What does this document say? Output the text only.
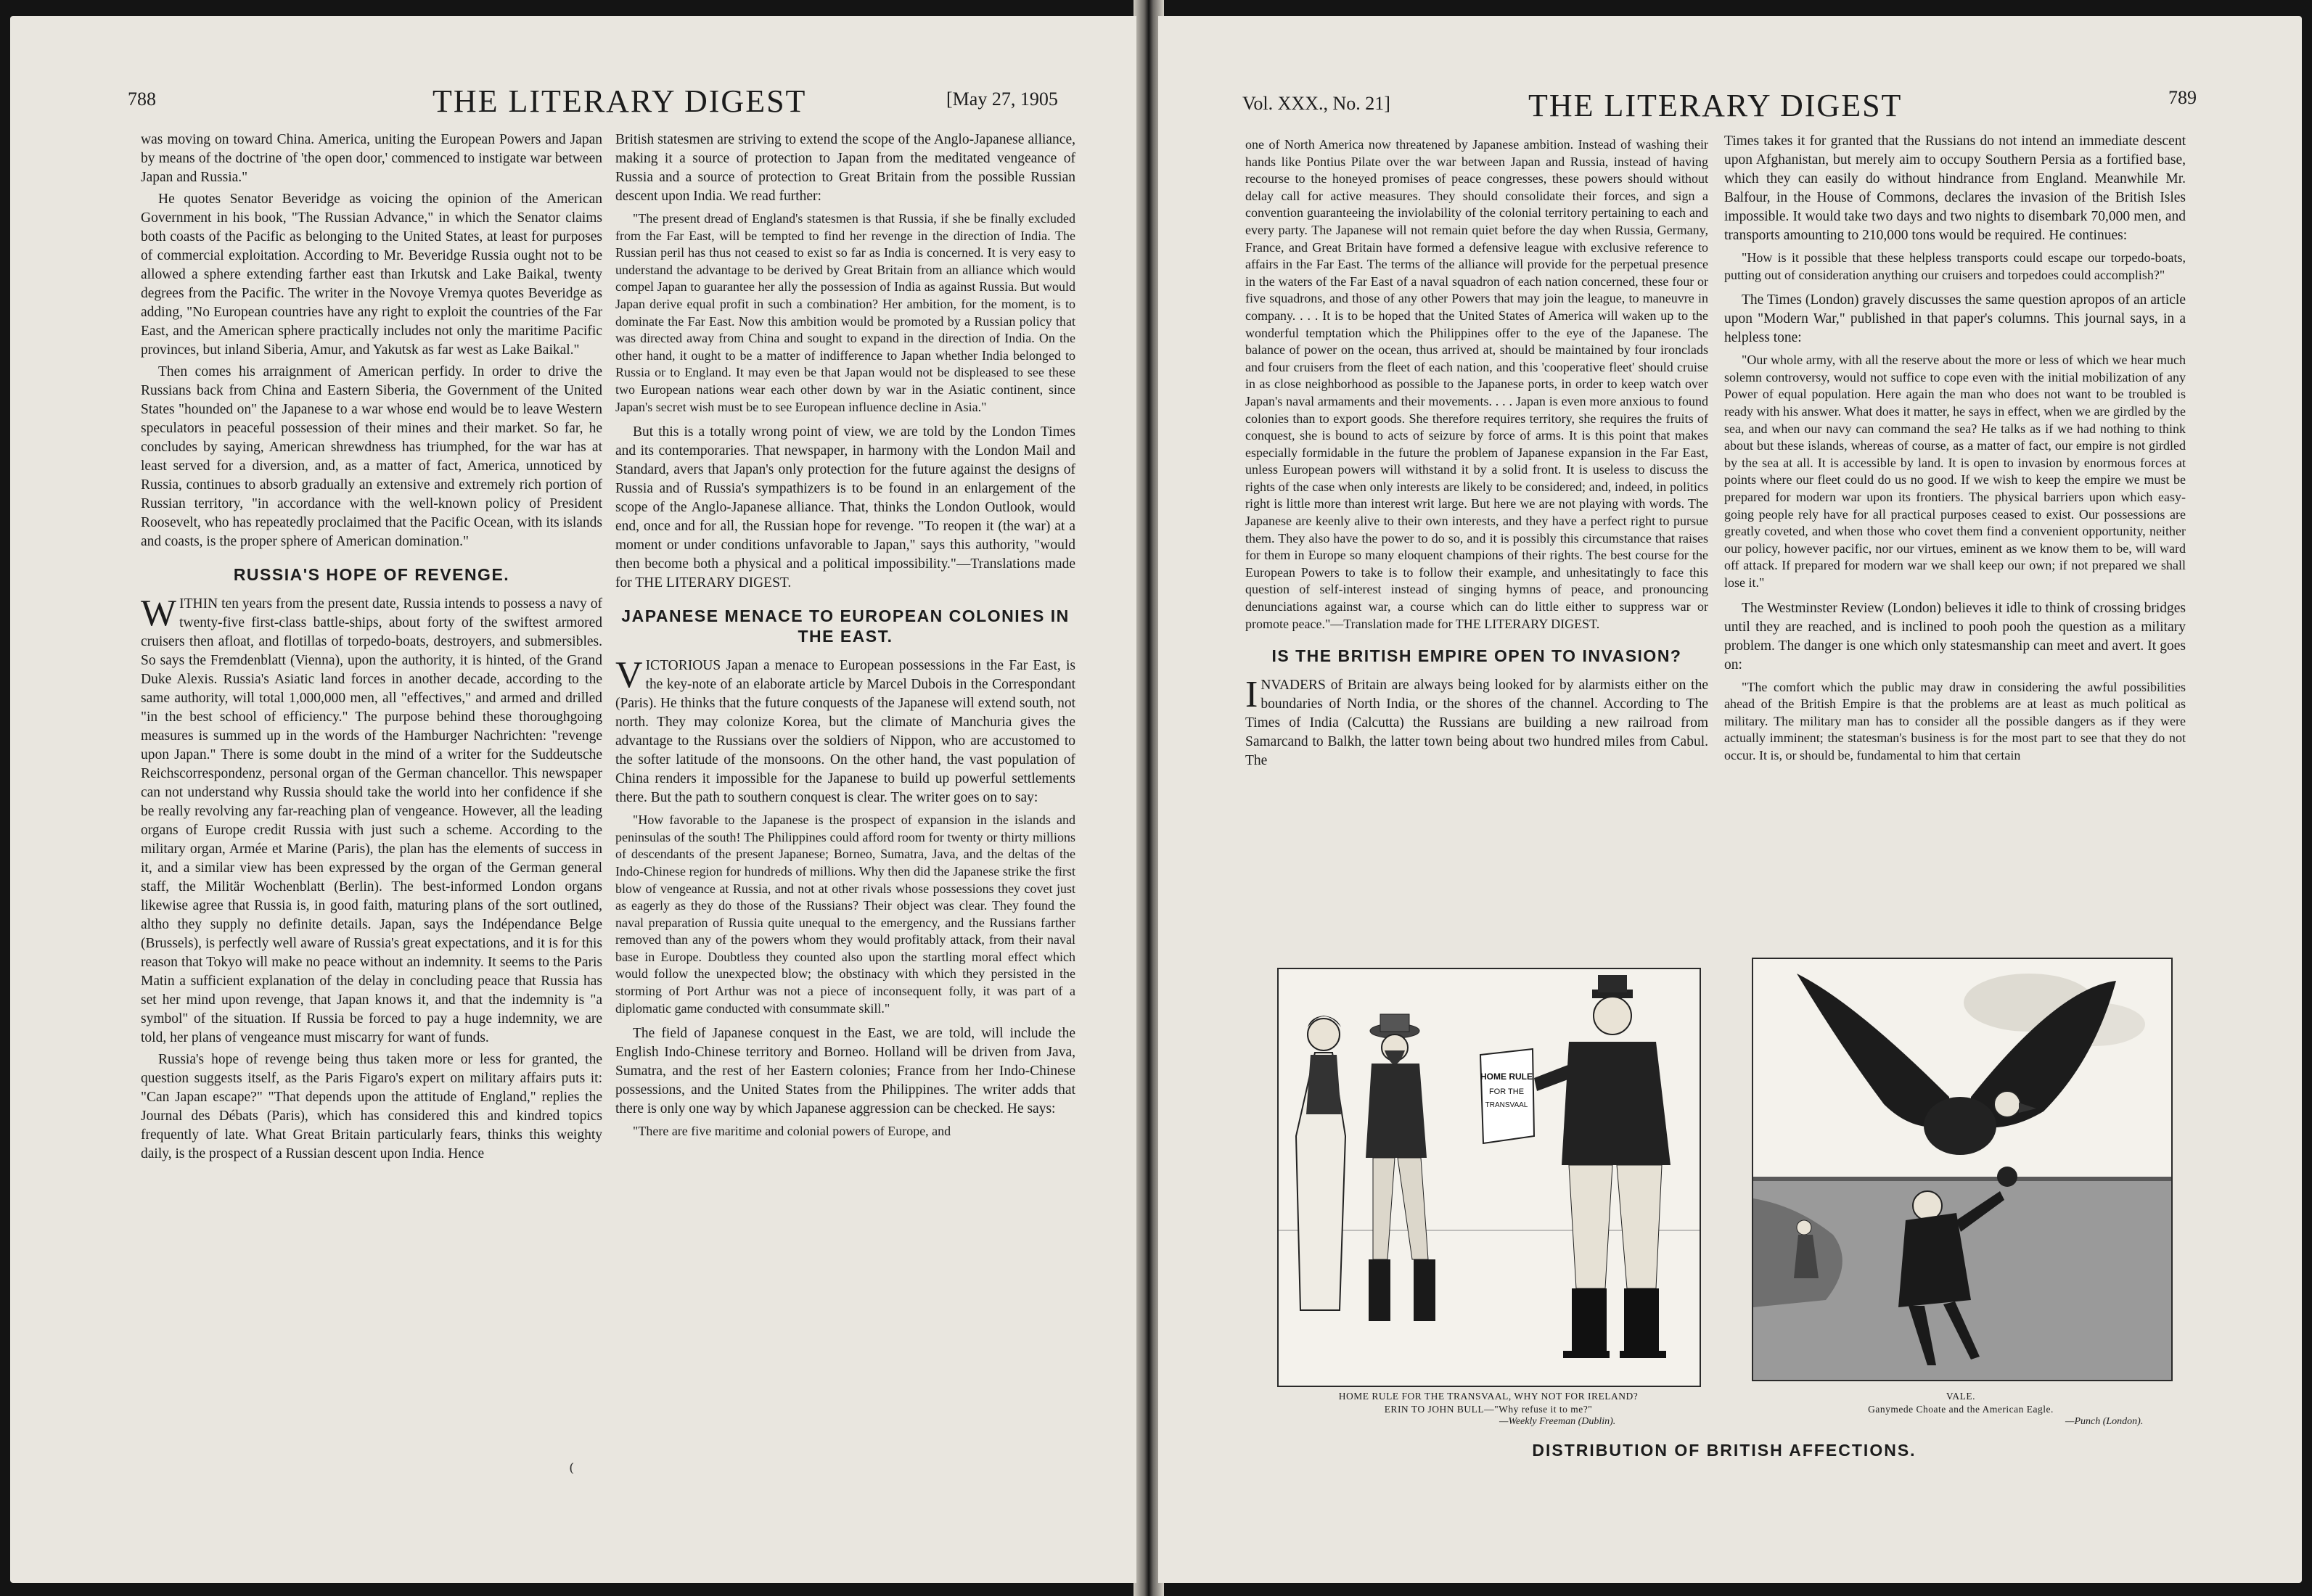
788	THE LITERARY DIGEST	[May 27, 1905

was moving on toward China. America, uniting the European Powers and Japan by means of the doctrine of 'the open door,' commenced to instigate war between Japan and Russia."

He quotes Senator Beveridge as voicing the opinion of the American Government in his book, "The Russian Advance," in which the Senator claims both coasts of the Pacific as belonging to the United States, at least for purposes of commercial exploitation. According to Mr. Beveridge Russia ought not to be allowed a sphere extending farther east than Irkutsk and Lake Baikal, twenty degrees from the Pacific. The writer in the Novoye Vremya quotes Beveridge as adding, "No European countries have any right to exploit the countries of the Far East, and the American sphere practically includes not only the maritime Pacific provinces, but inland Siberia, Amur, and Yakutsk as far west as Lake Baikal."

Then comes his arraignment of American perfidy. In order to drive the Russians back from China and Eastern Siberia, the Government of the United States "hounded on" the Japanese to a war whose end would be to leave Western speculators in peaceful possession of their mines and their market. So far, he concludes by saying, American shrewdness has triumphed, for the war has at least served for a diversion, and, as a matter of fact, America, unnoticed by Russia, continues to absorb gradually an extensive and extremely rich portion of Russian territory, "in accordance with the well-known policy of President Roosevelt, who has repeatedly proclaimed that the Pacific Ocean, with its islands and coasts, is the proper sphere of American domination."

RUSSIA'S HOPE OF REVENGE.

WITHIN ten years from the present date, Russia intends to possess a navy of twenty-five first-class battle-ships, about forty of the swiftest armored cruisers then afloat, and flotillas of torpedo-boats, destroyers, and submersibles. So says the Fremdenblatt (Vienna), upon the authority, it is hinted, of the Grand Duke Alexis. Russia's Asiatic land forces in another decade, according to the same authority, will total 1,000,000 men, all "effectives," and armed and drilled "in the best school of efficiency." The purpose behind these thoroughgoing measures is summed up in the words of the Hamburger Nachrichten: "revenge upon Japan." There is some doubt in the mind of a writer for the Suddeutsche Reichscorrespondenz, personal organ of the German chancellor. This newspaper can not understand why Russia should take the world into her confidence if she be really revolving any far-reaching plan of vengeance. However, all the leading organs of Europe credit Russia with just such a scheme. According to the military organ, Armée et Marine (Paris), the plan has the elements of success in it, and a similar view has been expressed by the organ of the German general staff, the Militär Wochenblatt (Berlin). The best-informed London organs likewise agree that Russia is, in good faith, maturing plans of the sort outlined, altho they supply no definite details. Japan, says the Indépendance Belge (Brussels), is perfectly well aware of Russia's great expectations, and it is for this reason that Tokyo will make no peace without an indemnity. It seems to the Paris Matin a sufficient explanation of the delay in concluding peace that Russia has set her mind upon revenge, that Japan knows it, and that the indemnity is "a symbol" of the situation. If Russia be forced to pay a huge indemnity, we are told, her plans of vengeance must miscarry for want of funds.

Russia's hope of revenge being thus taken more or less for granted, the question suggests itself, as the Paris Figaro's expert on military affairs puts it: "Can Japan escape?" "That depends upon the attitude of England," replies the Journal des Débats (Paris), which has considered this and kindred topics frequently of late. What Great Britain particularly fears, thinks this weighty daily, is the prospect of a Russian descent upon India. Hence

British statesmen are striving to extend the scope of the Anglo-Japanese alliance, making it a source of protection to Japan from the meditated vengeance of Russia and a source of protection to Great Britain from the possible Russian descent upon India. We read further:

"The present dread of England's statesmen is that Russia, if she be finally excluded from the Far East, will be tempted to find her revenge in the direction of India. The Russian peril has thus not ceased to exist so far as India is concerned. It is very easy to understand the advantage to be derived by Great Britain from an alliance which would compel Japan to guarantee her ally the possession of India as against Russia. But would Japan derive equal profit in such a combination? Her ambition, for the moment, is to dominate the Far East. Now this ambition would be promoted by a Russian policy that was directed away from China and sought to expand in the direction of India. On the other hand, it ought to be a matter of indifference to Japan whether India belonged to Russia or to England. It may even be that Japan would not be displeased to see these two European nations wear each other down by war in the Asiatic continent, since Japan's secret wish must be to see European influence decline in Asia."

But this is a totally wrong point of view, we are told by the London Times and its contemporaries. That newspaper, in harmony with the London Mail and Standard, avers that Japan's only protection for the future against the designs of Russia and of Russia's sympathizers is to be found in an enlargement of the scope of the Anglo-Japanese alliance. That, thinks the London Outlook, would end, once and for all, the Russian hope for revenge. "To reopen it (the war) at a moment or under conditions unfavorable to Japan," says this authority, "would then become both a physical and a political impossibility."—Translations made for THE LITERARY DIGEST.

JAPANESE MENACE TO EUROPEAN COLONIES IN THE EAST.

VICTORIOUS Japan a menace to European possessions in the Far East, is the key-note of an elaborate article by Marcel Dubois in the Correspondant (Paris). He thinks that the future conquests of the Japanese will extend south, not north. They may colonize Korea, but the climate of Manchuria gives the advantage to the Russians over the soldiers of Nippon, who are accustomed to the softer latitude of the monsoons. On the other hand, the vast population of China renders it impossible for the Japanese to build up powerful settlements there. But the path to southern conquest is clear. The writer goes on to say:

"How favorable to the Japanese is the prospect of expansion in the islands and peninsulas of the south! The Philippines could afford room for twenty or thirty millions of descendants of the present Japanese; Borneo, Sumatra, Java, and the deltas of the Indo-Chinese region for hundreds of millions. Why then did the Japanese strike the first blow of vengeance at Russia, and not at other rivals whose possessions they covet just as eagerly as they do those of the Russians? Their object was clear. They found the naval preparation of Russia quite unequal to the emergency, and the Russians farther removed than any of the powers whom they would profitably attack, from their naval base in Europe. Doubtless they counted also upon the startling moral effect which would follow the unexpected blow; the obstinacy with which they persisted in the storming of Port Arthur was not a piece of inconsequent folly, it was part of a diplomatic game conducted with consummate skill."

The field of Japanese conquest in the East, we are told, will include the English Indo-Chinese territory and Borneo. Holland will be driven from Java, Sumatra, and the rest of her Eastern colonies; France from her Indo-Chinese possessions, and the United States from the Philippines. The writer adds that there is only one way by which Japanese aggression can be checked. He says:

"There are five maritime and colonial powers of Europe, and

⁽
Vol. XXX., No. 21]	THE LITERARY DIGEST	789

one of North America now threatened by Japanese ambition. Instead of washing their hands like Pontius Pilate over the war between Japan and Russia, instead of having recourse to the honeyed promises of peace congresses, these powers should without delay call for active measures. They should consolidate their forces, and sign a convention guaranteeing the inviolability of the colonial territory pertaining to each and every party. The Japanese will not remain quiet before the day when Russia, Germany, France, and Great Britain have formed a defensive league with exclusive reference to affairs in the Far East. The terms of the alliance will provide for the perpetual presence in the waters of the Far East of a naval squadron of each nation concerned, these four or five squadrons, and those of any other Powers that may join the league, to maneuvre in company. . . . It is to be hoped that the United States of America will waken up to the wonderful temptation which the Philippines offer to the eye of the Japanese. The balance of power on the ocean, thus arrived at, should be maintained by four ironclads and four cruisers from the fleet of each nation, and this 'cooperative fleet' should cruise in as close neighborhood as possible to the Japanese ports, in order to keep watch over Japan's naval armaments and their movements. . . . Japan is even more anxious to found colonies than to export goods. She therefore requires territory, she requires the fruits of conquest, she is bound to acts of seizure by force of arms. It is this point that makes especially formidable in the future the problem of Japanese expansion in the Far East, unless European powers will withstand it by a solid front. It is useless to discuss the rights of the case when only interests are likely to be considered; and, indeed, in politics right is little more than interest writ large. But here we are not playing with words. The Japanese are keenly alive to their own interests, and they have a perfect right to pursue them. They also have the power to do so, and it is possibly this circumstance that raises for them in Europe so many eloquent champions of their rights. The best course for the European Powers to take is to follow their example, and unhesitatingly to face this question of self-interest instead of singing hymns of peace, and pronouncing denunciations against war, a course which can do little either to suppress war or promote peace."—Translation made for THE LITERARY DIGEST.

IS THE BRITISH EMPIRE OPEN TO INVASION?

INVADERS of Britain are always being looked for by alarmists either on the boundaries of North India, or the shores of the channel. According to The Times of India (Calcutta) the Russians are building a new railroad from Samarcand to Balkh, the latter town being about two hundred miles from Cabul. The

Times takes it for granted that the Russians do not intend an immediate descent upon Afghanistan, but merely aim to occupy Southern Persia as a fortified base, which they can easily do without hindrance from England. Meanwhile Mr. Balfour, in the House of Commons, declares the invasion of the British Isles impossible. It would take two days and two nights to disembark 70,000 men, and transports amounting to 210,000 tons would be required. He continues:

"How is it possible that these helpless transports could escape our torpedo-boats, putting out of consideration anything our cruisers and torpedoes could accomplish?"

The Times (London) gravely discusses the same question apropos of an article upon "Modern War," published in that paper's columns. This journal says, in a helpless tone:

"Our whole army, with all the reserve about the more or less of which we hear much solemn controversy, would not suffice to cope even with the initial mobilization of any Power of equal population. Here again the man who does not want to be troubled is ready with his answer. What does it matter, he says in effect, when we are girdled by the sea, and when our navy can command the sea? He talks as if we had nothing to think about but these islands, whereas of course, as a matter of fact, our empire is not girdled by the sea at all. It is accessible by land. It is open to invasion by enormous forces at points where our fleet could do us no good. If we wish to keep the empire we must be prepared for modern war upon its frontiers. The physical barriers upon which easy-going people rely have for all practical purposes ceased to exist. Our possessions are greatly coveted, and when those who covet them find a convenient opportunity, neither our policy, however pacific, nor our virtues, eminent as we know them to be, will ward off attack. If prepared for modern war we shall keep our own; if not prepared we shall lose it."

The Westminster Review (London) believes it idle to think of crossing bridges until they are reached, and is inclined to pooh pooh the question as a military problem. The danger is one which only statesmanship can meet and avert. It goes on:

"The comfort which the public may draw in considering the awful possibilities ahead of the British Empire is that the problems are at least as much political as military. The military man has to consider all the possible dangers as if they were actually imminent; the statesman's business is for the most part to see that they do not occur. It is, or should be, fundamental to him that certain

HOME RULE
FOR THE
TRANSVAAL
HOME RULE FOR THE TRANSVAAL, WHY NOT FOR IRELAND?
ERIN TO JOHN BULL—"Why refuse it to me?"
—Weekly Freeman (Dublin).
VALE.
Ganymede Choate and the American Eagle.
—Punch (London).
DISTRIBUTION OF BRITISH AFFECTIONS.
